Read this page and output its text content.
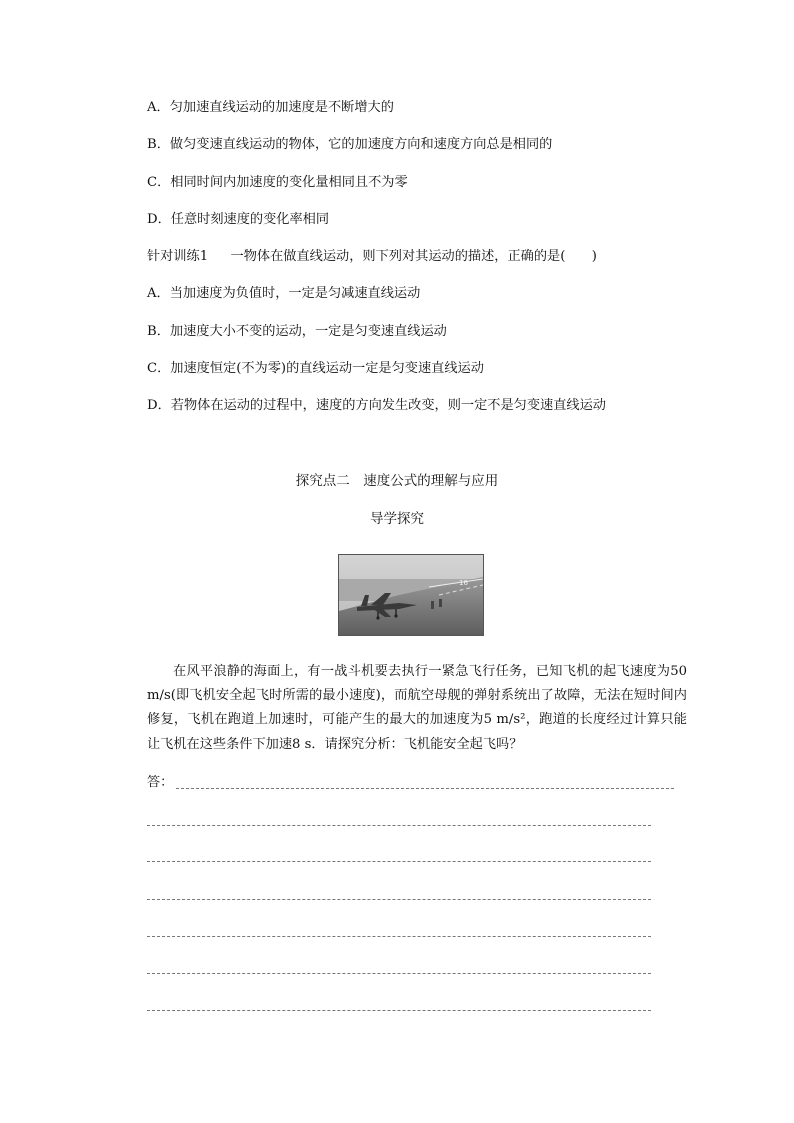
A．匀加速直线运动的加速度是不断增大的
B．做匀变速直线运动的物体，它的加速度方向和速度方向总是相同的
C．相同时间内加速度的变化量相同且不为零
D．任意时刻速度的变化率相同
针对训练1 一物体在做直线运动，则下列对其运动的描述，正确的是(　　)
A．当加速度为负值时，一定是匀减速直线运动
B．加速度大小不变的运动，一定是匀变速直线运动
C．加速度恒定(不为零)的直线运动一定是匀变速直线运动
D．若物体在运动的过程中，速度的方向发生改变，则一定不是匀变速直线运动
探究点二　速度公式的理解与应用
导学探究
16
在风平浪静的海面上，有一战斗机要去执行一紧急飞行任务，已知飞机的起飞速度为50 m/s(即飞机安全起飞时所需的最小速度)，而航空母舰的弹射系统出了故障，无法在短时间内修复，飞机在跑道上加速时，可能产生的最大的加速度为5 m/s²，跑道的长度经过计算只能让飞机在这些条件下加速8 s．请探究分析：飞机能安全起飞吗？
答：
